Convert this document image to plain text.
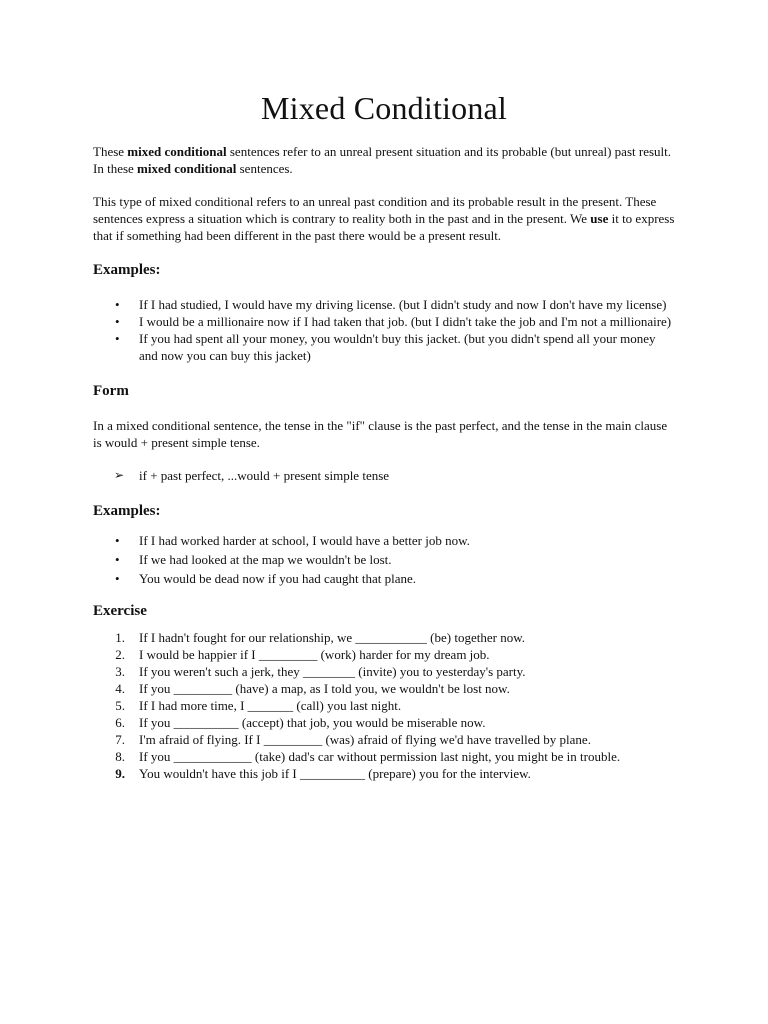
Mixed Conditional

These mixed conditional sentences refer to an unreal present situation and its probable (but unreal) past result. In these mixed conditional sentences.

This type of mixed conditional refers to an unreal past condition and its probable result in the present. These sentences express a situation which is contrary to reality both in the past and in the present. We use it to express that if something had been different in the past there would be a present result.

Examples:
• If I had studied, I would have my driving license. (but I didn't study and now I don't have my license)
• I would be a millionaire now if I had taken that job. (but I didn't take the job and I'm not a millionaire)
• If you had spent all your money, you wouldn't buy this jacket. (but you didn't spend all your money and now you can buy this jacket)
Form

In a mixed conditional sentence, the tense in the "if" clause is the past perfect, and the tense in the main clause is would + present simple tense.

➢ if + past perfect, ...would + present simple tense
Examples:
• If I had worked harder at school, I would have a better job now.
• If we had looked at the map we wouldn't be lost.
• You would be dead now if you had caught that plane.
Exercise
1. If I hadn't fought for our relationship, we ___________ (be) together now.
2. I would be happier if I _________ (work) harder for my dream job.
3. If you weren't such a jerk, they ________ (invite) you to yesterday's party.
4. If you _________ (have) a map, as I told you, we wouldn't be lost now.
5. If I had more time, I _______ (call) you last night.
6. If you __________ (accept) that job, you would be miserable now.
7. I'm afraid of flying. If I _________ (was) afraid of flying we'd have travelled by plane.
8. If you ____________ (take) dad's car without permission last night, you might be in trouble.
9. You wouldn't have this job if I __________ (prepare) you for the interview.
